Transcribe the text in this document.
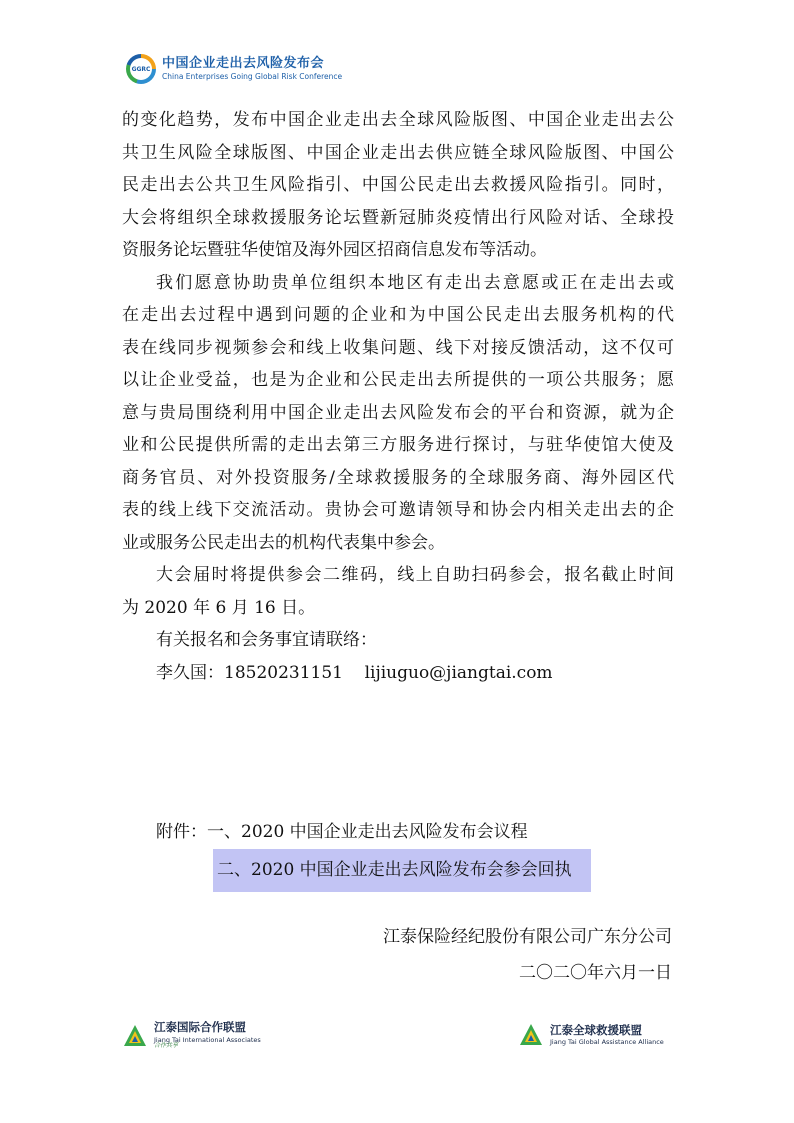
GGRC 中国企业走出去风险发布会
China Enterprises Going Global Risk Conference
的变化趋势，发布中国企业走出去全球风险版图、中国企业走出去公
共卫生风险全球版图、中国企业走出去供应链全球风险版图、中国公
民走出去公共卫生风险指引、中国公民走出去救援风险指引。同时，
大会将组织全球救援服务论坛暨新冠肺炎疫情出行风险对话、全球投
资服务论坛暨驻华使馆及海外园区招商信息发布等活动。
我们愿意协助贵单位组织本地区有走出去意愿或正在走出去或
在走出去过程中遇到问题的企业和为中国公民走出去服务机构的代
表在线同步视频参会和线上收集问题、线下对接反馈活动，这不仅可
以让企业受益，也是为企业和公民走出去所提供的一项公共服务；愿
意与贵局围绕利用中国企业走出去风险发布会的平台和资源，就为企
业和公民提供所需的走出去第三方服务进行探讨，与驻华使馆大使及
商务官员、对外投资服务/全球救援服务的全球服务商、海外园区代
表的线上线下交流活动。贵协会可邀请领导和协会内相关走出去的企
业或服务公民走出去的机构代表集中参会。
大会届时将提供参会二维码，线上自助扫码参会，报名截止时间
为 2020 年 6 月 16 日。
有关报名和会务事宜请联络：
李久国：18520231151    lijiuguo@jiangtai.com
附件：一、2020 中国企业走出去风险发布会议程
二、2020 中国企业走出去风险发布会参会回执
江泰保险经纪股份有限公司广东分公司
二〇二〇年六月一日
江泰国际合作联盟
Jiang Tai International Associates
合作共享
江泰全球救援联盟
Jiang Tai Global Assistance Alliance
